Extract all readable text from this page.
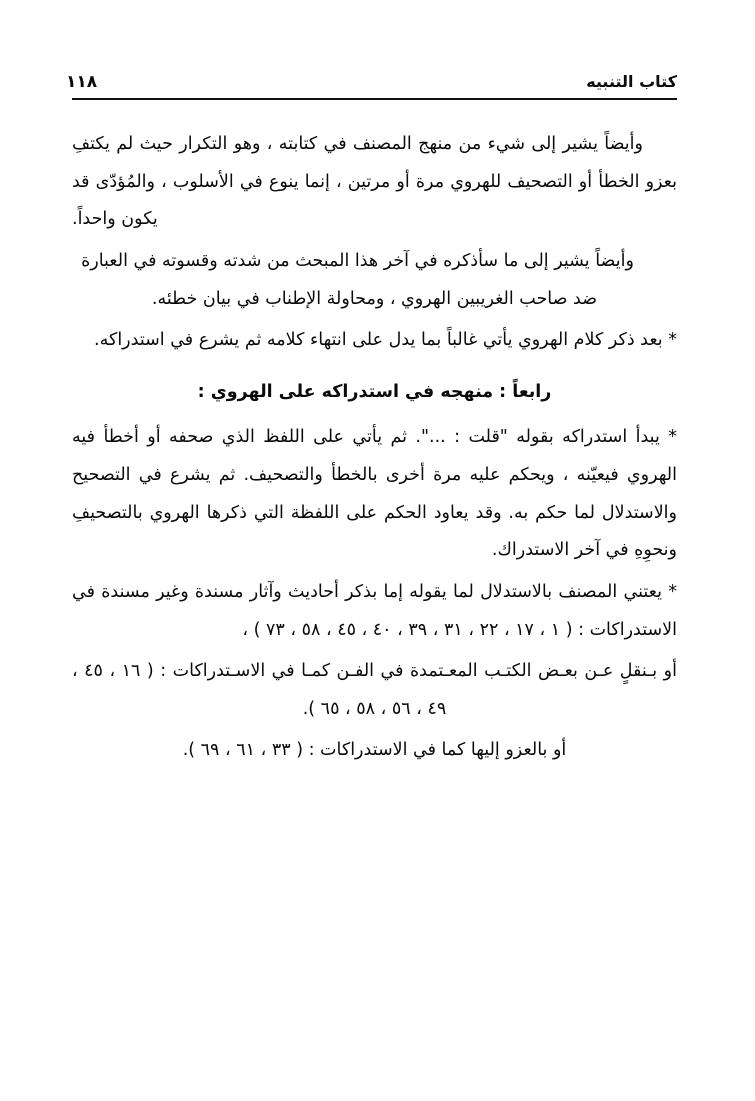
كتاب التنبيه
١١٨

وأيضاً يشير إلى شيء من منهج المصنف في كتابته ، وهو التكرار حيث لم يكتفِ بعزو الخطأ أو التصحيف للهروي مرة أو مرتين ، إنما ينوع في الأسلوب ، والمُؤدّى قد يكون واحداً.

وأيضاً يشير إلى ما سأذكره في آخر هذا المبحث من شدته وقسوته في العبارة ضد صاحب الغريبين الهروي ، ومحاولة الإطناب في بيان خطئه.

* بعد ذكر كلام الهروي يأتي غالباً بما يدل على انتهاء كلامه ثم يشرع في استدراكه.

رابعاً : منهجه في استدراكه على الهروي :

* يبدأ استدراكه بقوله "قلت : ...". ثم يأتي على اللفظ الذي صحفه أو أخطأ فيه الهروي فيعيّنه ، ويحكم عليه مرة أخرى بالخطأ والتصحيف. ثم يشرع في التصحيح والاستدلال لما حكم به. وقد يعاود الحكم على اللفظة التي ذكرها الهروي بالتصحيفِ ونحوِهِ في آخر الاستدراك.

* يعتني المصنف بالاستدلال لما يقوله إما بذكر أحاديث وآثار مسندة وغير مسندة في الاستدراكات : ( ١ ، ١٧ ، ٢٢ ، ٣١ ، ٣٩ ، ٤٠ ، ٤٥ ، ٥٨ ، ٧٣ ) ،

أو بـنقلٍ عـن بعـض الكتـب المعـتمدة في الفـن كمـا في الاسـتدراكات : ( ١٦ ، ٤٥ ، ٤٩ ، ٥٦ ، ٥٨ ، ٦٥ ).

أو بالعزو إليها كما في الاستدراكات : ( ٣٣ ، ٦١ ، ٦٩ ).
